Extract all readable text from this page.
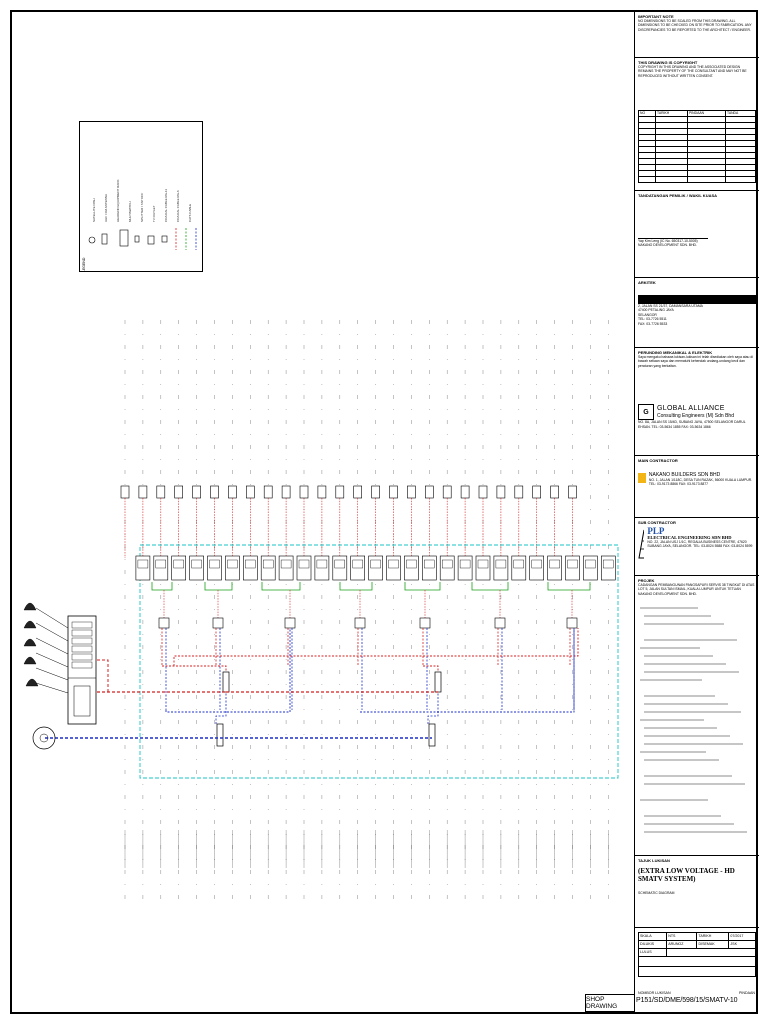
LEGEND
SATELLITE DISH	UHF / FM ANTENNA	HEADEND EQUIPMENT RACK	MULTISWITCH	SPLITTER / TAP OFF	TV OUTLET	COAXIAL CABLE RG-11	COAXIAL CABLE RG-6	CAT6 CABLE
IMPORTANT NOTE
NO DIMENSIONS TO BE SCALED FROM THIS DRAWING. ALL DIMENSIONS TO BE CHECKED ON SITE PRIOR TO FABRICATION. ANY DISCREPANCIES TO BE REPORTED TO THE ARCHITECT / ENGINEER.
THIS DRAWING IS COPYRIGHT
COPYRIGHT IN THIS DRAWING AND THE ASSOCIATED DESIGN REMAINS THE PROPERTY OF THE CONSULTANT AND MAY NOT BE REPRODUCED WITHOUT WRITTEN CONSENT.
NO	TARIKH	PINDAAN	TANDA

TANDATANGAN PEMILIK / WAKIL KUASA
Yap Kim Leng (IC No. 650317-10-5005)
NAKANO DEVELOPMENT SDN. BHD.
ARKITEK
2, JALAN SS 21/37, DAMANSARA UTAMA
47400 PETALING JAYA
SELANGOR
TEL: 03-7726 5511
FAX: 03-7726 5533
PERUNDING MEKANIKAL & ELEKTRIK
Saya mengaku bahawa lukisan-lukisan ini telah disediakan oleh saya atau di bawah seliaan saya dan mematuhi kehendak undang-undang kecil dan peraturan yang berkaitan.
G	GLOBAL ALLIANCE
Consulting Engineers (M) Sdn Bhd
NO. 8A, JALAN SS 15/4D, SUBANG JAYA, 47500 SELANGOR DARUL EHSAN. TEL: 03-5634 1855 FAX: 03-5634 1866
MAIN CONTRACTOR
NAKANO BUILDERS SDN BHD
NO. 1, JALAN 1/118C, DESA TUN RAZAK, 56000 KUALA LUMPUR. TEL: 03-9173 8866 FAX: 03-9173 8877
SUB CONTRACTOR
PLP
ELECTRICAL ENGINEERING SDN BHD
NO. 22, JALAN USJ 1/1C, REGALIA BUSINESS CENTRE, 47620 SUBANG JAYA, SELANGOR. TEL: 03-8024 5588 FAX: 03-8024 5599
PROJEK
CADANGAN PEMBANGUNAN PANGSAPURI SERVIS 38 TINGKAT DI ATAS LOT 5, JALAN SULTAN ISMAIL, KUALA LUMPUR UNTUK TETUAN NAKANO DEVELOPMENT SDN. BHD.
TAJUK LUKISAN
(EXTRA LOW VOLTAGE - HD SMATV SYSTEM)
SCHEMATIC DIAGRAM
SKALA	NTS	TARIKH	07/2017
DILUKIS	ARUNOZ	DISEMAK	JSK
LULUS			

NOMBOR LUKISAN	PINDAAN
SHOP DRAWING
P151/SD/DME/598/15/SMATV-10
